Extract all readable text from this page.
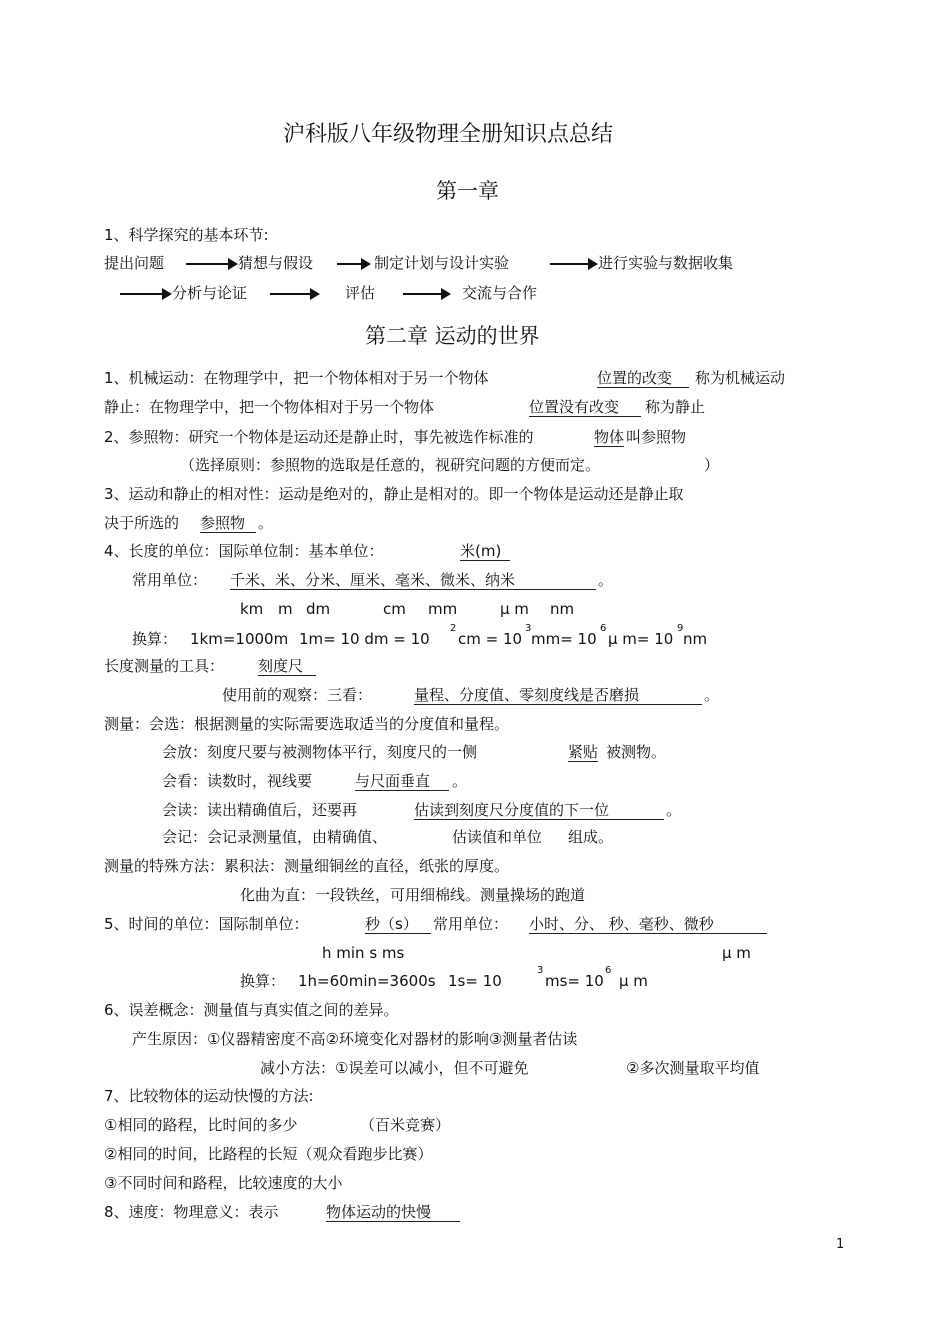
沪科版八年级物理全册知识点总结
第一章
1、科学探究的基本环节:
提出问题	猜想与假设	制定计划与设计实验	进行实验与数据收集
分析与论证	评估	交流与合作
第二章 运动的世界
1、机械运动：在物理学中，把一个物体相对于另一个物体	位置的改变	称为机械运动
静止：在物理学中，把一个物体相对于另一个物体	位置没有改变	称为静止
2、参照物：研究一个物体是运动还是静止时，事先被选作标准的	物体 叫参照物
（选择原则：参照物的选取是任意的，视研究问题的方便而定。	）
3、运动和静止的相对性：运动是绝对的，静止是相对的。即一个物体是运动还是静止取
决于所选的 参照物 。
4、长度的单位：国际单位制：基本单位：	米(m)
常用单位： 千米、米、分米、厘米、毫米、微米、纳米	。
km m dm	cm mm	μ m nm
换算： 1km=1000m 1m= 10 dm = 10
2
cm = 10
3
mm= 10
6
μ m= 10
9
nm
长度测量的工具： 刻度尺
使用前的观察：三看：	量程、分度值、零刻度线是否磨损	。
测量：会选：根据测量的实际需要选取适当的分度值和量程。
会放：刻度尺要与被测物体平行，刻度尺的一侧	紧贴 被测物。
会看：读数时，视线要	与尺面垂直	。
会读：读出精确值后，还要再	估读到刻度尺分度值的下一位	。
会记：会记录测量值，由精确值、	估读值和单位 组成。
测量的特殊方法：累积法：测量细铜丝的直径，纸张的厚度。
化曲为直：一段铁丝，可用细棉线。测量操场的跑道
5、时间的单位：国际制单位：	秒（s）	常用单位： 小时、分、 秒、毫秒、微秒
h min s ms	μ m
换算： 1h=60min=3600s 1s= 10
3
ms= 10
6
μ m
6、误差概念：测量值与真实值之间的差异。
产生原因：①仪器精密度不高②环境变化对器材的影响③测量者估读
减小方法：①误差可以减小，但不可避免	②多次测量取平均值
7、比较物体的运动快慢的方法:
①相同的路程，比时间的多少	（百米竞赛）
②相同的时间，比路程的长短（观众看跑步比赛）
③不同时间和路程，比较速度的大小
8、速度：物理意义：表示	物体运动的快慢
1
